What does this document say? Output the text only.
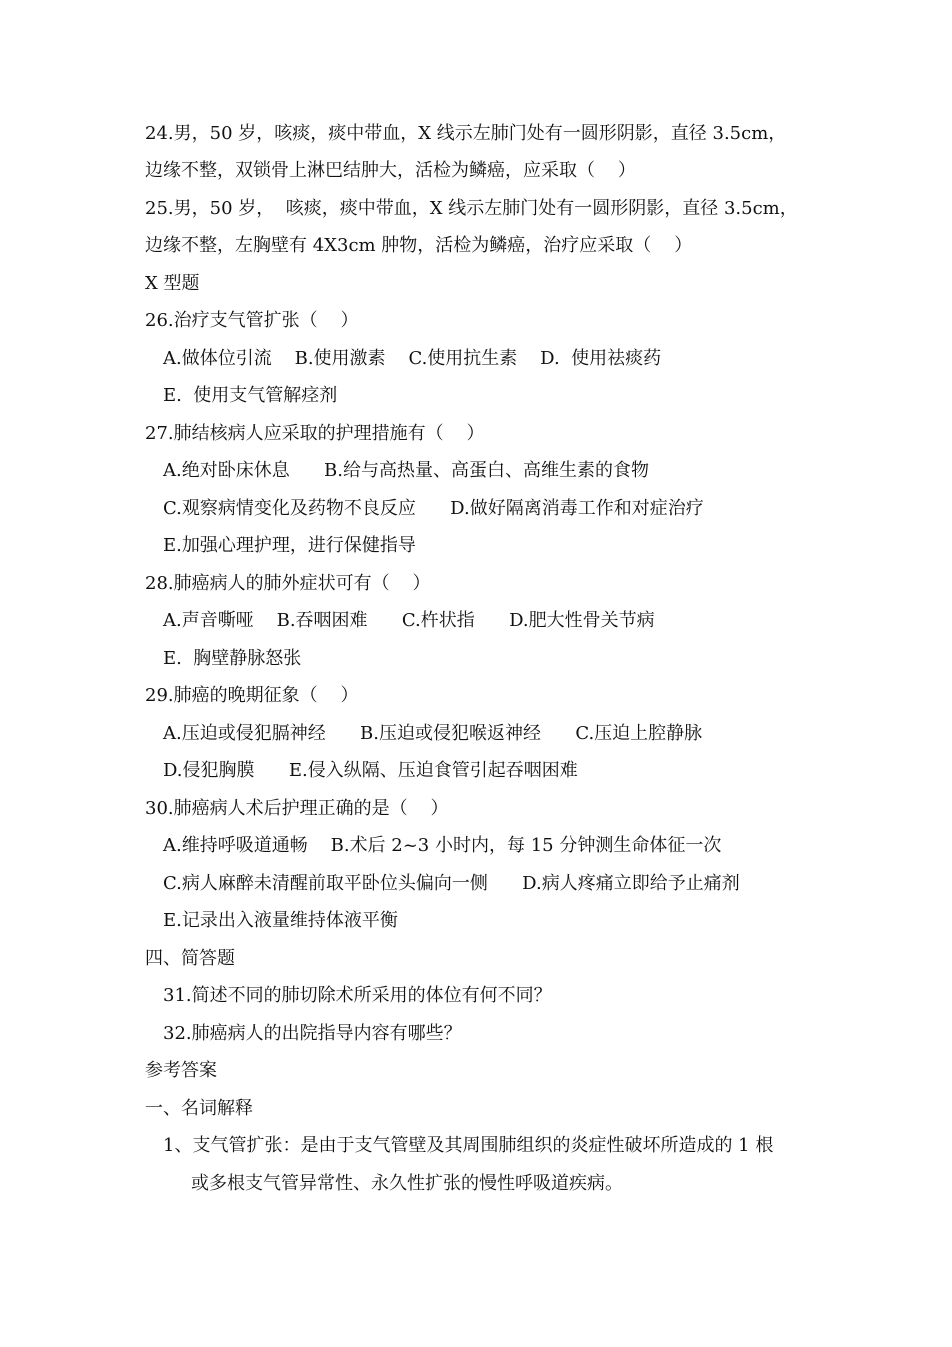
24.男，50 岁，咳痰，痰中带血，X 线示左肺门处有一圆形阴影，直径 3.5cm，
边缘不整，双锁骨上淋巴结肿大，活检为鳞癌，应采取（    ）
25.男，50 岁，  咳痰，痰中带血，X 线示左肺门处有一圆形阴影，直径 3.5cm，
边缘不整，左胸壁有 4X3cm 肿物，活检为鳞癌，治疗应采取（    ）
X 型题
26.治疗支气管扩张（    ）
A.做体位引流    B.使用激素    C.使用抗生素    D.  使用祛痰药
E.  使用支气管解痉剂
27.肺结核病人应采取的护理措施有（    ）
A.绝对卧床休息      B.给与高热量、高蛋白、高维生素的食物
C.观察病情变化及药物不良反应      D.做好隔离消毒工作和对症治疗
E.加强心理护理，进行保健指导
28.肺癌病人的肺外症状可有（    ）
A.声音嘶哑    B.吞咽困难      C.杵状指      D.肥大性骨关节病
E.  胸壁静脉怒张
29.肺癌的晚期征象（    ）
A.压迫或侵犯膈神经      B.压迫或侵犯喉返神经      C.压迫上腔静脉
D.侵犯胸膜      E.侵入纵隔、压迫食管引起吞咽困难
30.肺癌病人术后护理正确的是（    ）
A.维持呼吸道通畅    B.术后 2~3 小时内，每 15 分钟测生命体征一次
C.病人麻醉未清醒前取平卧位头偏向一侧      D.病人疼痛立即给予止痛剂
E.记录出入液量维持体液平衡
四、简答题
31.简述不同的肺切除术所采用的体位有何不同？
32.肺癌病人的出院指导内容有哪些？
参考答案
一、名词解释
1、支气管扩张：是由于支气管壁及其周围肺组织的炎症性破坏所造成的 1 根
或多根支气管异常性、永久性扩张的慢性呼吸道疾病。
